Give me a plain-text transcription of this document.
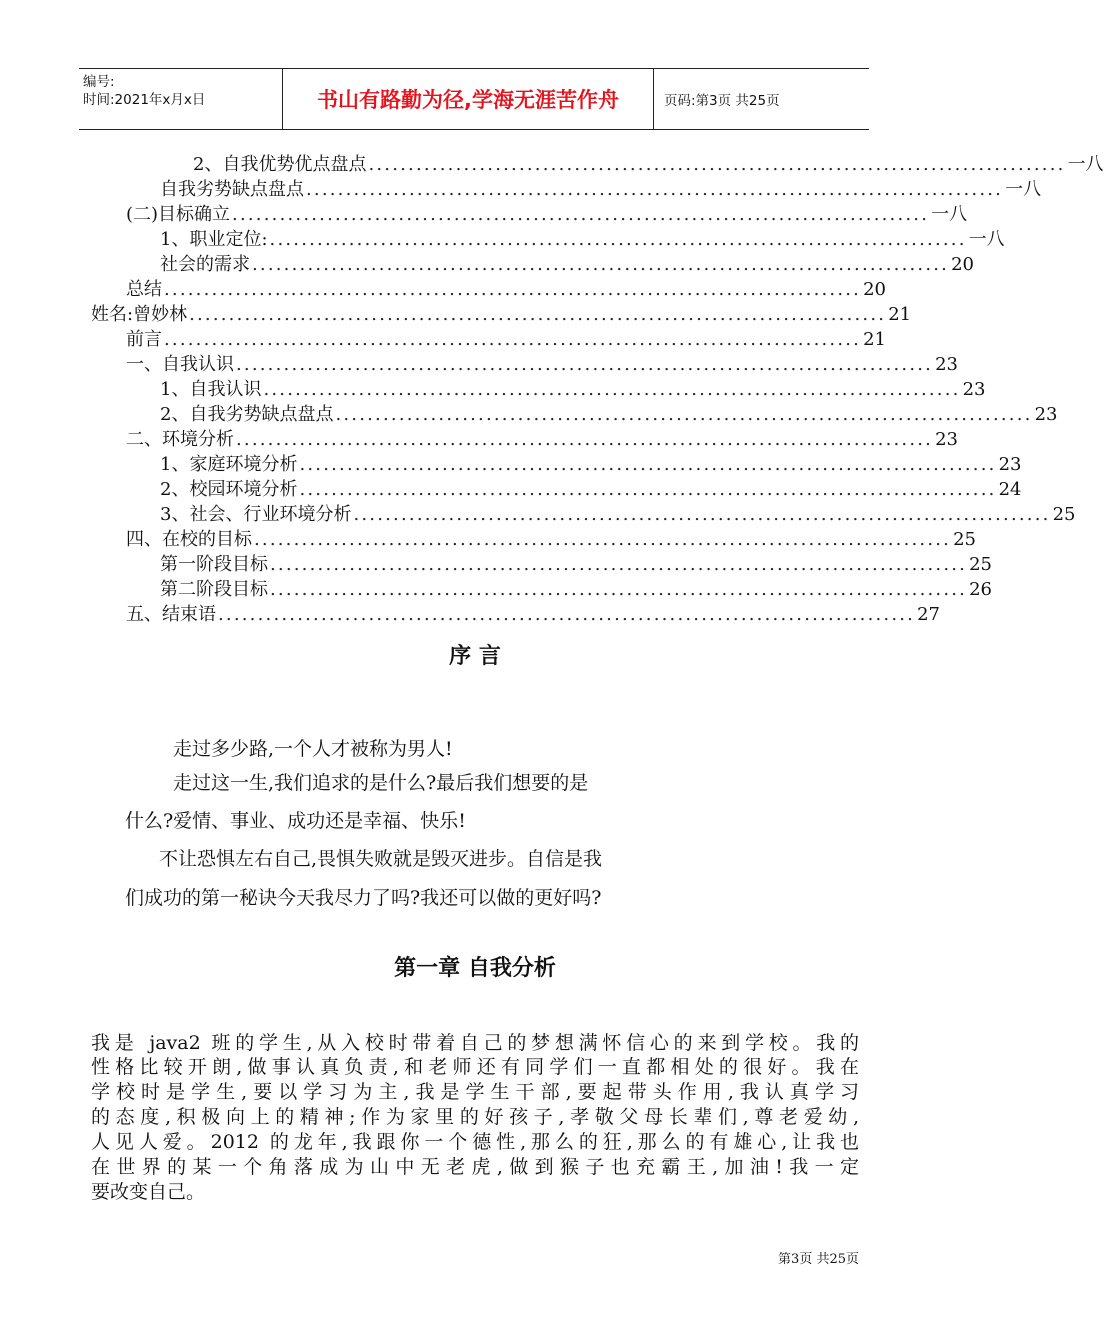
编号:
时间:2021年x月x日	书山有路勤为径,学海无涯苦作舟	页码:第3页 共25页
2、自我优势优点盘点 ........................................................................................ 一八
自我劣势缺点盘点 ........................................................................................ 一八
(二)目标确立 ........................................................................................ 一八
1、职业定位: ........................................................................................ 一八
社会的需求 ........................................................................................ 20
总结 ........................................................................................ 20
姓名:曾妙林 ........................................................................................ 21
前言 ........................................................................................ 21
一、自我认识 ........................................................................................ 23
1、自我认识 ........................................................................................ 23
2、自我劣势缺点盘点 ........................................................................................ 23
二、环境分析 ........................................................................................ 23
1、家庭环境分析 ........................................................................................ 23
2、校园环境分析 ........................................................................................ 24
3、社会、行业环境分析 ........................................................................................ 25
四、在校的目标 ........................................................................................ 25
第一阶段目标 ........................................................................................ 25
第二阶段目标 ........................................................................................ 26
五、结束语 ........................................................................................ 27
序 言
走过多少路,一个人才被称为男人!
走过这一生,我们追求的是什么?最后我们想要的是
什么?爱情、事业、成功还是幸福、快乐!
不让恐惧左右自己,畏惧失败就是毁灭进步。自信是我
们成功的第一秘诀今天我尽力了吗?我还可以做的更好吗?
第一章 自我分析
我是 java2 班的学生,从入校时带着自己的梦想满怀信心的来到学校。我的
性格比较开朗,做事认真负责,和老师还有同学们一直都相处的很好。我在
学校时是学生,要以学习为主,我是学生干部,要起带头作用,我认真学习
的态度,积极向上的精神;作为家里的好孩子,孝敬父母长辈们,尊老爱幼,
人见人爱。2012 的龙年,我跟你一个德性,那么的狂,那么的有雄心,让我也
在世界的某一个角落成为山中无老虎,做到猴子也充霸王,加油!我一定
要改变自己。
第3页 共25页
